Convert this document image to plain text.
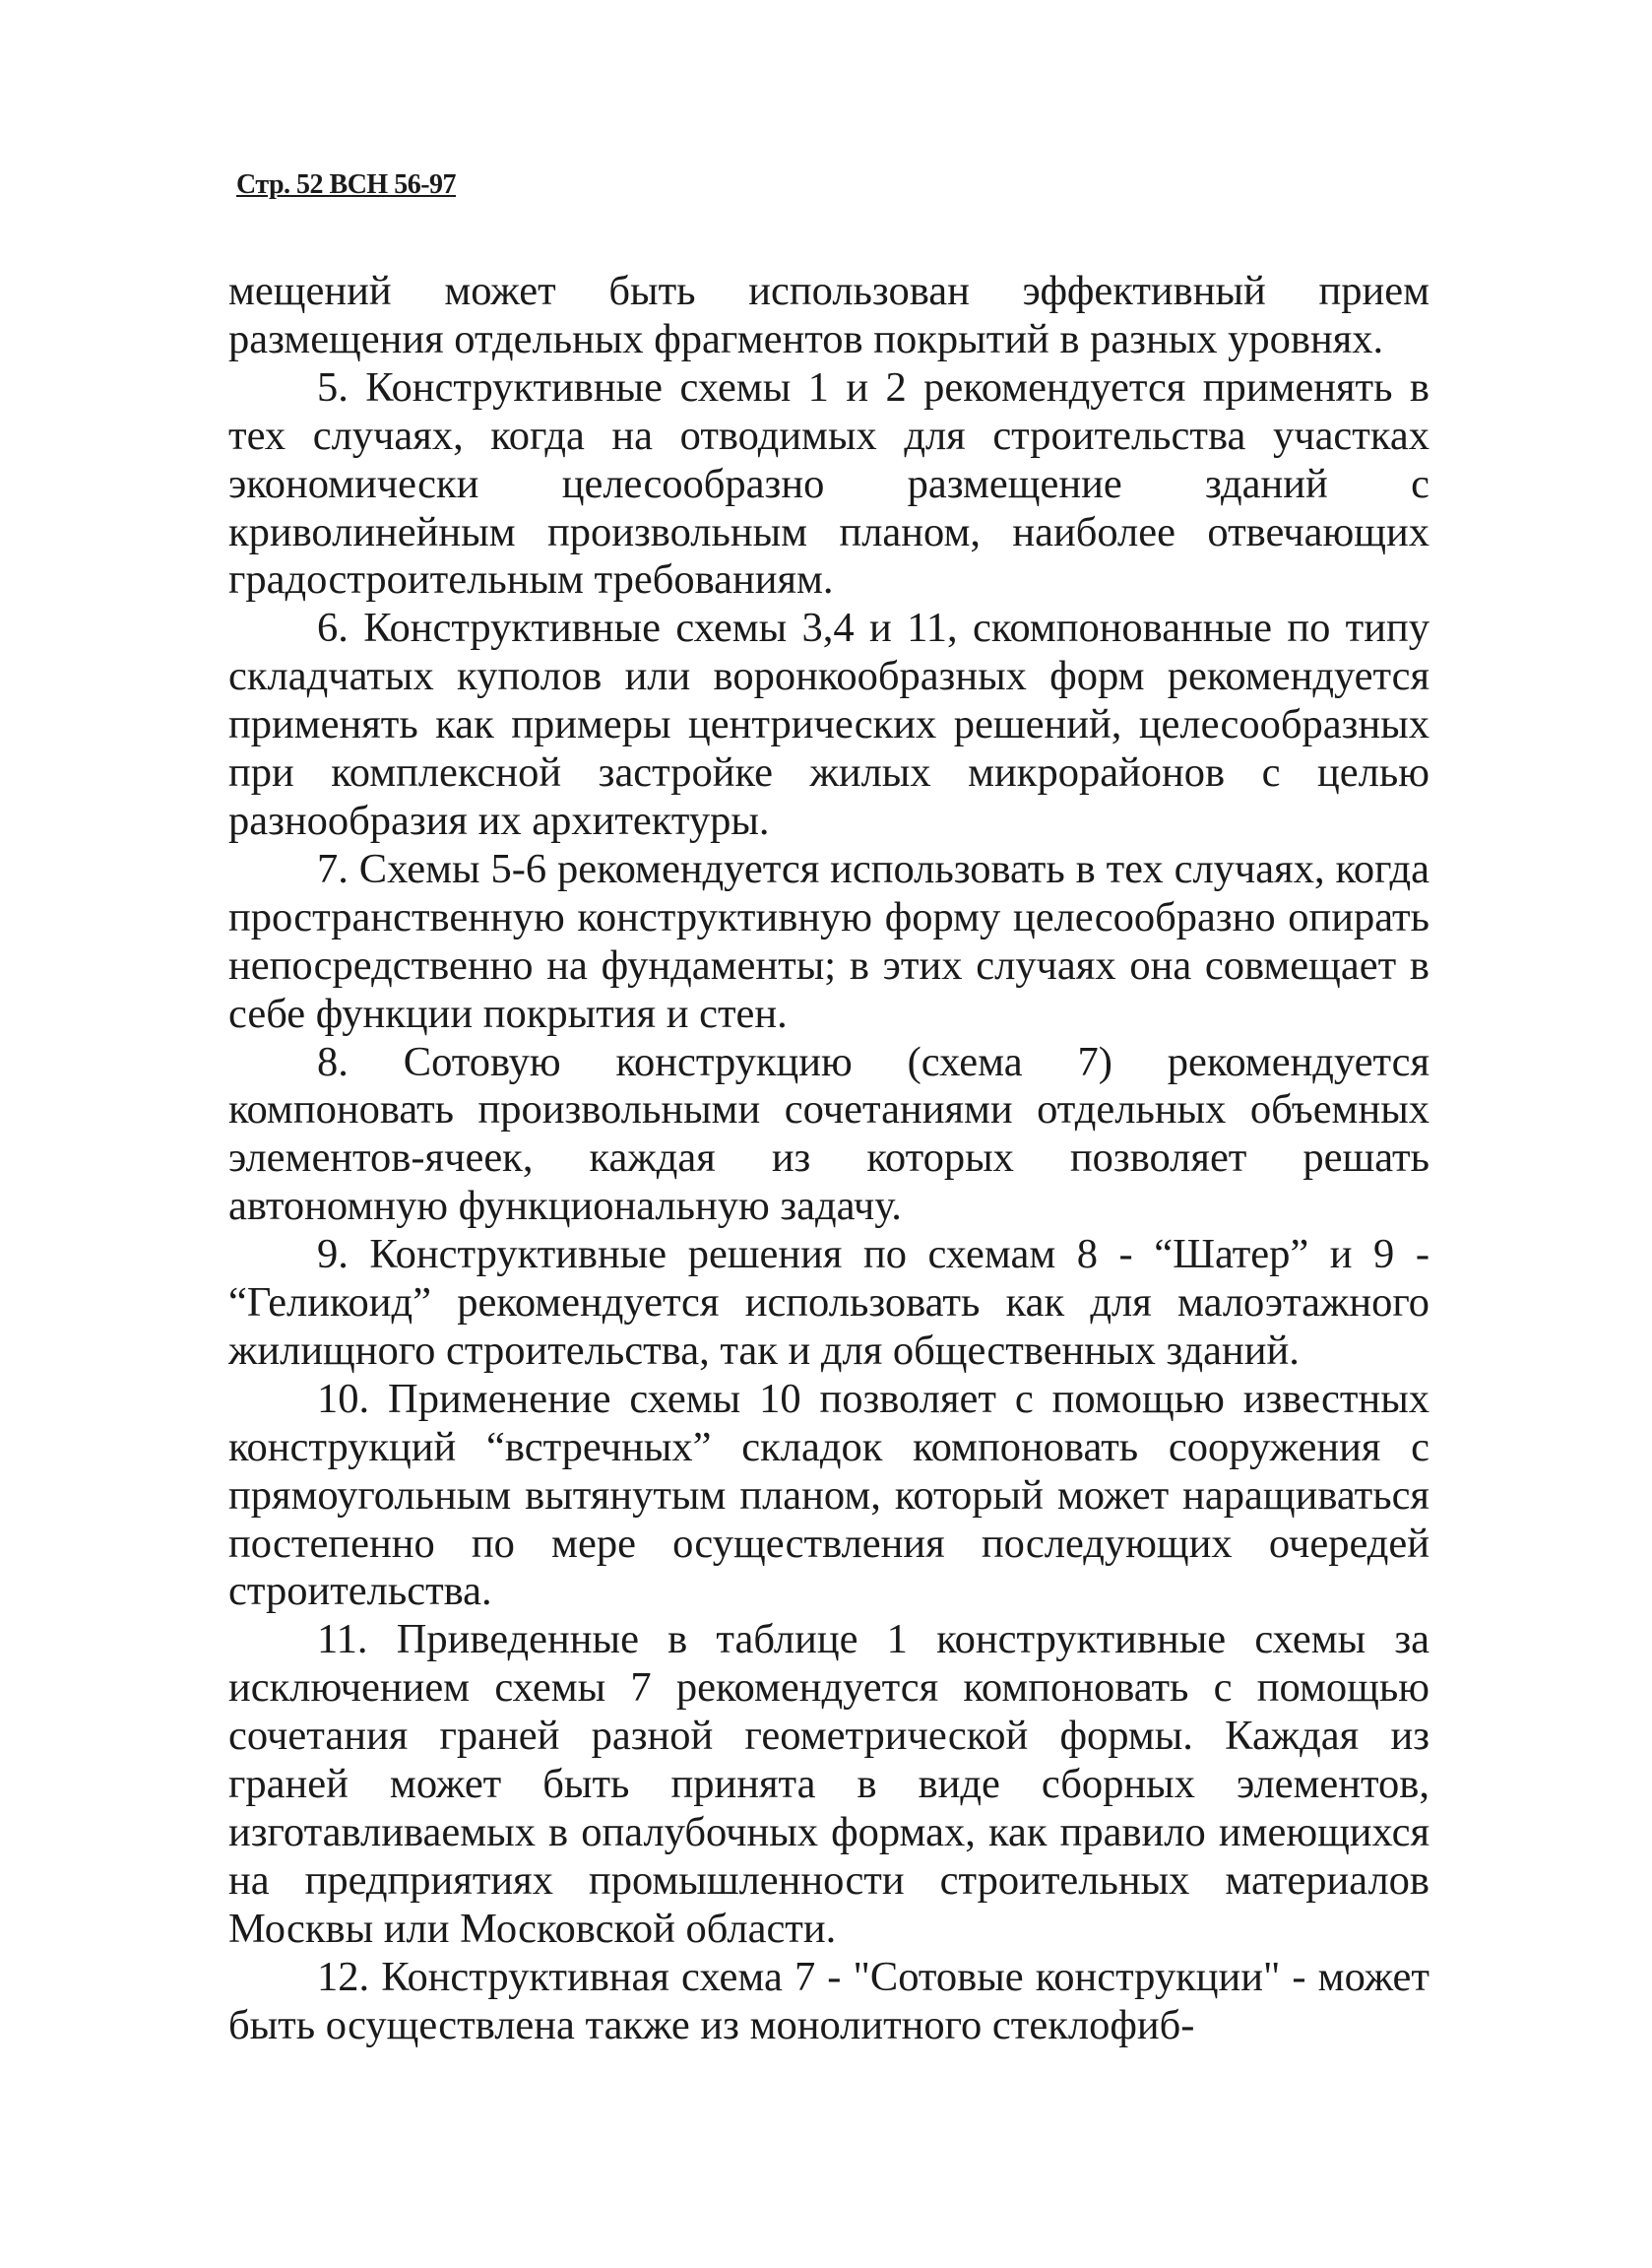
Стр. 52 ВСН 56-97

мещений может быть использован эффективный прием размещения отдельных фрагментов покрытий в разных уровнях.

5. Конструктивные схемы 1 и 2 рекомендуется применять в тех случаях, когда на отводимых для строительства участках экономически целесообразно размещение зданий с криволинейным произвольным планом, наиболее отвечающих градостроительным требованиям.

6. Конструктивные схемы 3,4 и 11, скомпонованные по типу складчатых куполов или воронкообразных форм рекомендуется применять как примеры центрических решений, целесообразных при комплексной застройке жилых микрорайонов с целью разнообразия их архитектуры.

7. Схемы 5-6 рекомендуется использовать в тех случаях, когда пространственную конструктивную форму целесообразно опирать непосредственно на фундаменты; в этих случаях она совмещает в себе функции покрытия и стен.

8. Сотовую конструкцию (схема 7) рекомендуется компоновать произвольными сочетаниями отдельных объемных элементов-ячеек, каждая из которых позволяет решать автономную функциональную задачу.

9. Конструктивные решения по схемам 8 - “Шатер” и 9 - “Геликоид” рекомендуется использовать как для малоэтажного жилищного строительства, так и для общественных зданий.

10. Применение схемы 10 позволяет с помощью известных конструкций “встречных” складок компоновать сооружения с прямоугольным вытянутым планом, который может наращиваться постепенно по мере осуществления последующих очередей строительства.

11. Приведенные в таблице 1 конструктивные схемы за исключением схемы 7 рекомендуется компоновать с помощью сочетания граней разной геометрической формы. Каждая из граней может быть принята в виде сборных элементов, изготавливаемых в опалубочных формах, как правило имеющихся на предприятиях промышленности строительных материалов Москвы или Московской области.

12. Конструктивная схема 7 - "Сотовые конструкции" - может быть осуществлена также из монолитного стеклофиб-
